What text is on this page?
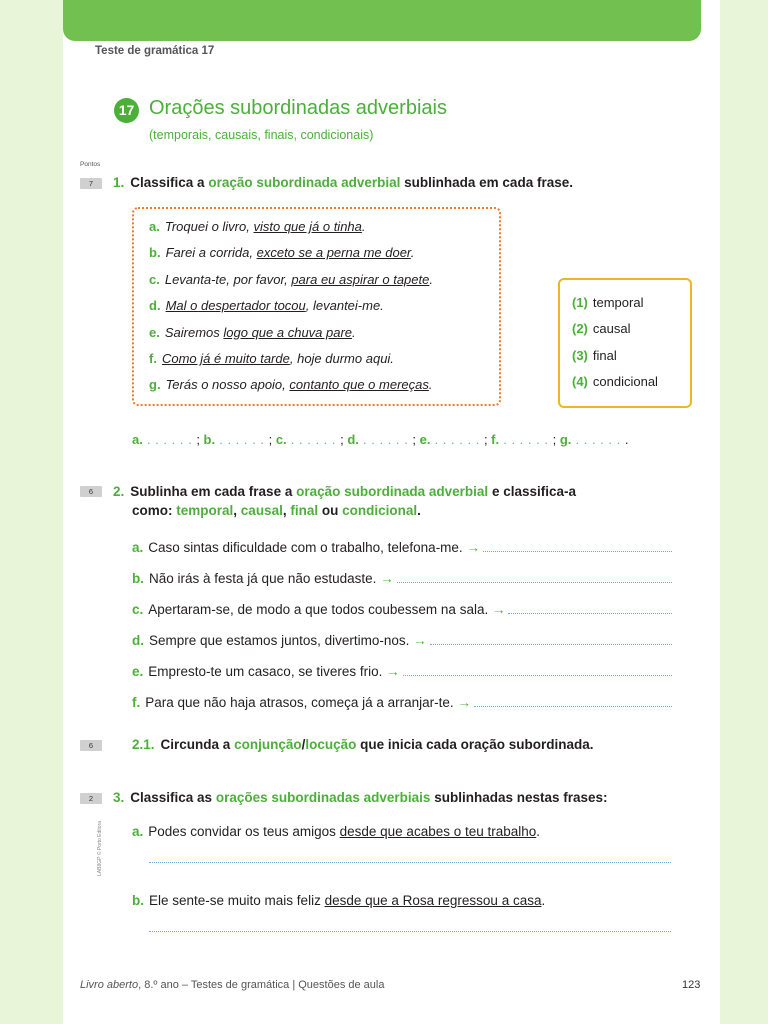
Teste de gramática 17
17 Orações subordinadas adverbiais
(temporais, causais, finais, condicionais)
Pontos
7	1. Classifica a oração subordinada adverbial sublinhada em cada frase.
a. Troquei o livro, visto que já o tinha.
b. Farei a corrida, exceto se a perna me doer.
c. Levanta-te, por favor, para eu aspirar o tapete.
d. Mal o despertador tocou, levantei-me.
e. Sairemos logo que a chuva pare.
f. Como já é muito tarde, hoje durmo aqui.
g. Terás o nosso apoio, contanto que o mereças.
(1) temporal
(2) causal
(3) final
(4) condicional
a. . . . . . . ; b. . . . . . . ; c. . . . . . . ; d. . . . . . . ; e. . . . . . . ; f. . . . . . . ; g. . . . . . . .
6	2. Sublinha em cada frase a oração subordinada adverbial e classifica-a
como: temporal, causal, final ou condicional.
a. Caso sintas dificuldade com o trabalho, telefona-me. →
b. Não irás à festa já que não estudaste. →
c. Apertaram-se, de modo a que todos coubessem na sala. →
d. Sempre que estamos juntos, divertimo-nos. →
e. Empresto-te um casaco, se tiveres frio. →
f. Para que não haja atrasos, começa já a arranjar-te. →
6	2.1. Circunda a conjunção/locução que inicia cada oração subordinada.
2	3. Classifica as orações subordinadas adverbiais sublinhadas nestas frases:
a. Podes convidar os teus amigos desde que acabes o teu trabalho.
b. Ele sente-se muito mais feliz desde que a Rosa regressou a casa.
LAB8GP © Porto Editora
Livro aberto, 8.º ano – Testes de gramática | Questões de aula	123
